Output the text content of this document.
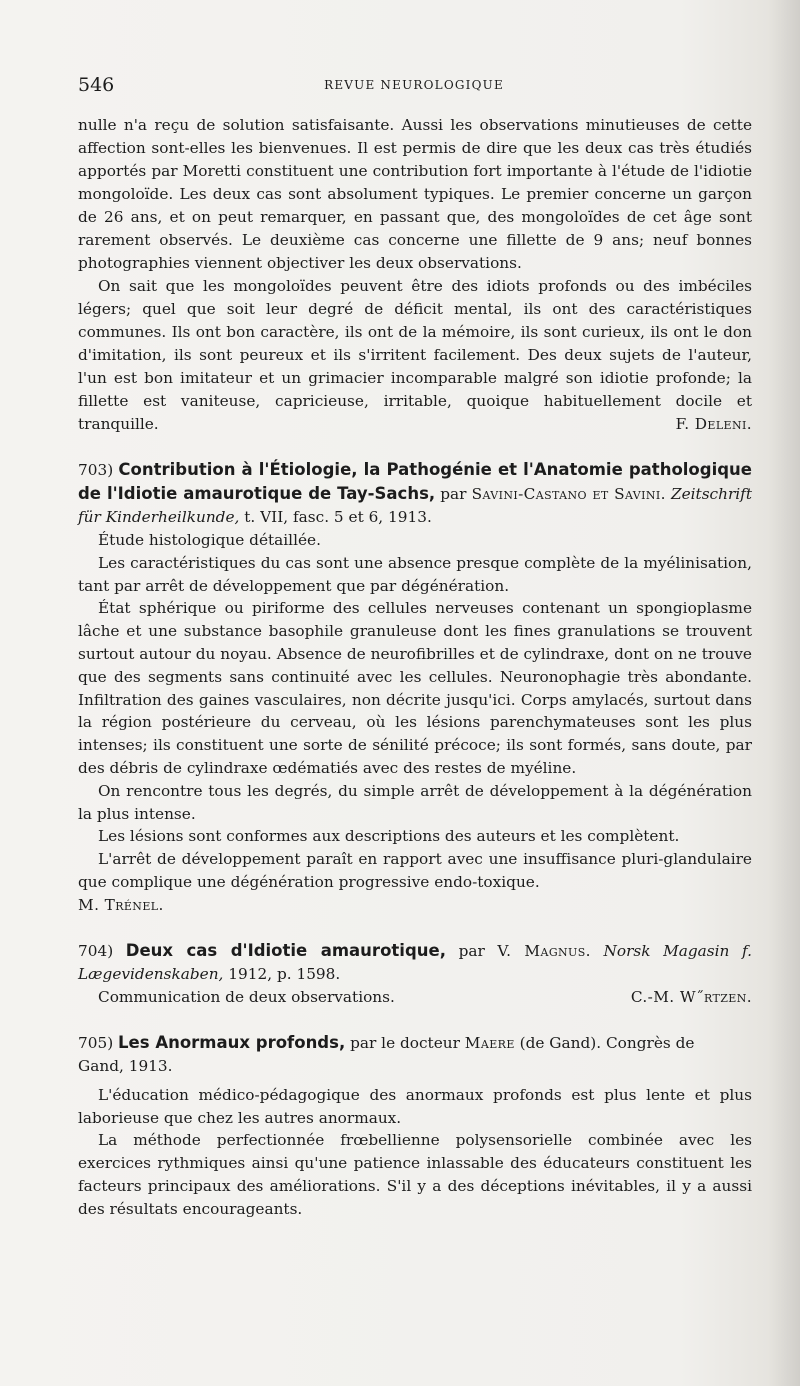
546	REVUE NEUROLOGIQUE

nulle n'a reçu de solution satisfaisante. Aussi les observations minutieuses de cette affection sont-elles les bienvenues. Il est permis de dire que les deux cas très étudiés apportés par Moretti constituent une contribution fort importante à l'étude de l'idiotie mongoloïde. Les deux cas sont absolument typiques. Le premier concerne un garçon de 26 ans, et on peut remarquer, en passant que, des mongoloïdes de cet âge sont rarement observés. Le deuxième cas concerne une fillette de 9 ans; neuf bonnes photographies viennent objectiver les deux observations.

On sait que les mongoloïdes peuvent être des idiots profonds ou des imbéciles légers; quel que soit leur degré de déficit mental, ils ont des caractéristiques communes. Ils ont bon caractère, ils ont de la mémoire, ils sont curieux, ils ont le don d'imitation, ils sont peureux et ils s'irritent facilement. Des deux sujets de l'auteur, l'un est bon imitateur et un grimacier incomparable malgré son idiotie profonde; la fillette est vaniteuse, capricieuse, irritable, quoique habituellement docile et tranquille.	F. Deleni.

703) Contribution à l'Étiologie, la Pathogénie et l'Anatomie pathologique de l'Idiotie amaurotique de Tay-Sachs, par Savini-Castano et Savini. Zeitschrift für Kinderheilkunde, t. VII, fasc. 5 et 6, 1913.

Étude histologique détaillée.

Les caractéristiques du cas sont une absence presque complète de la myélinisation, tant par arrêt de développement que par dégénération.

État sphérique ou piriforme des cellules nerveuses contenant un spongioplasme lâche et une substance basophile granuleuse dont les fines granulations se trouvent surtout autour du noyau. Absence de neurofibrilles et de cylindraxe, dont on ne trouve que des segments sans continuité avec les cellules. Neuronophagie très abondante. Infiltration des gaines vasculaires, non décrite jusqu'ici. Corps amylacés, surtout dans la région postérieure du cerveau, où les lésions parenchymateuses sont les plus intenses; ils constituent une sorte de sénilité précoce; ils sont formés, sans doute, par des débris de cylindraxe œdématiés avec des restes de myéline.

On rencontre tous les degrés, du simple arrêt de développement à la dégénération la plus intense.

Les lésions sont conformes aux descriptions des auteurs et les complètent.

L'arrêt de développement paraît en rapport avec une insuffisance pluri-glandulaire que complique une dégénération progressive endo-toxique.

M. Trénel.

704) Deux cas d'Idiotie amaurotique, par V. Magnus. Norsk Magasin f. Lægevidenskaben, 1912, p. 1598.

Communication de deux observations.	C.-M. W˝rtzen.

705) Les Anormaux profonds, par le docteur Maere (de Gand). Congrès de

Gand, 1913.

L'éducation médico-pédagogique des anormaux profonds est plus lente et plus laborieuse que chez les autres anormaux.

La méthode perfectionnée frœbellienne polysensorielle combinée avec les exercices rythmiques ainsi qu'une patience inlassable des éducateurs constituent les facteurs principaux des améliorations. S'il y a des déceptions inévitables, il y a aussi des résultats encourageants.
